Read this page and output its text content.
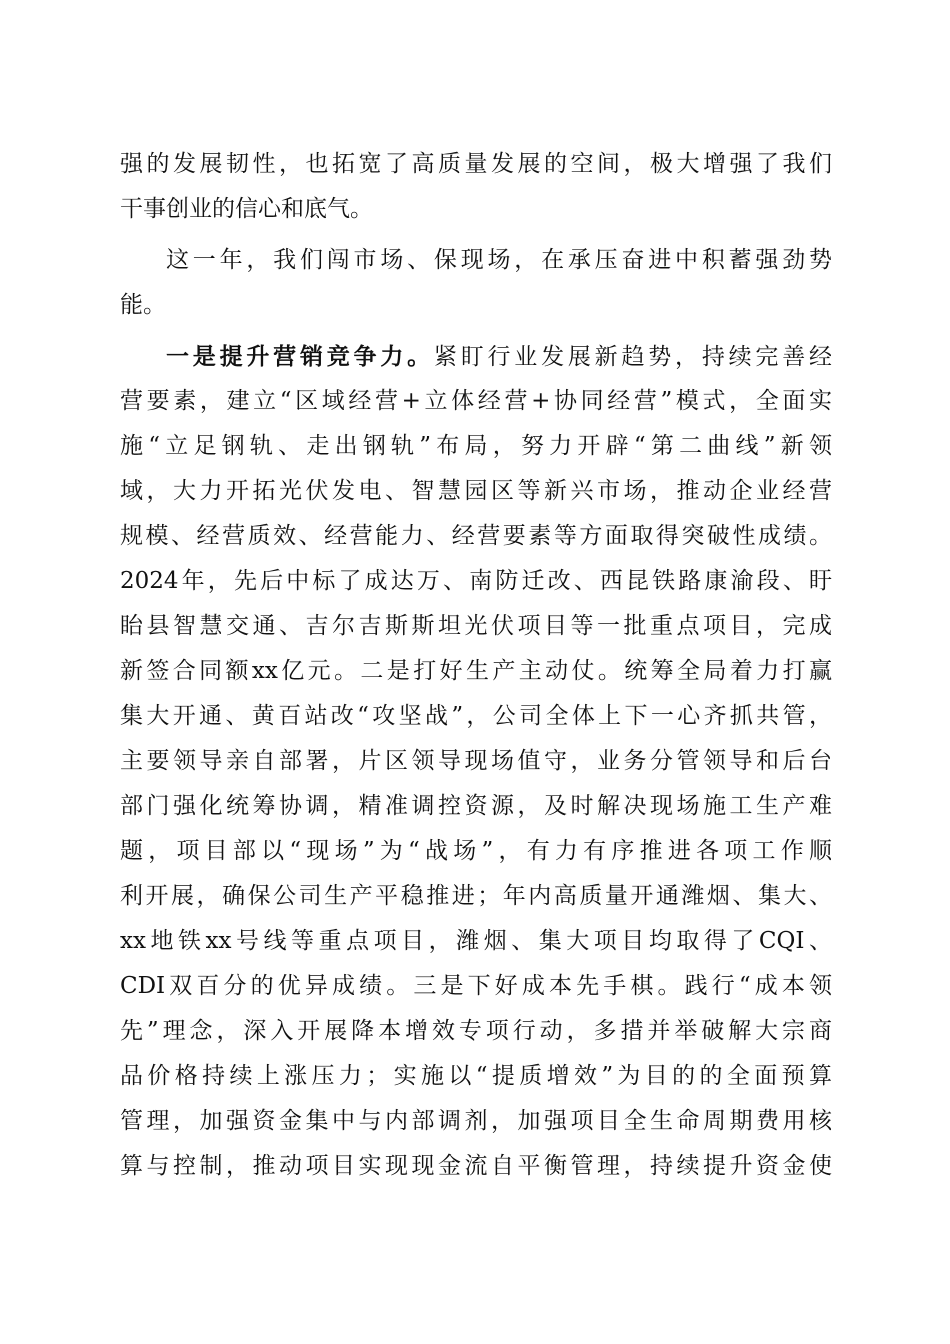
强的发展韧性，也拓宽了高质量发展的空间，极大增强了我们
干事创业的信心和底气。
这一年，我们闯市场、保现场，在承压奋进中积蓄强劲势
能。
一是提升营销竞争力。紧盯行业发展新趋势，持续完善经
营要素，建立“区域经营+立体经营+协同经营”模式，全面实
施“立足钢轨、走出钢轨”布局，努力开辟“第二曲线”新领
域，大力开拓光伏发电、智慧园区等新兴市场，推动企业经营
规模、经营质效、经营能力、经营要素等方面取得突破性成绩。
2024年，先后中标了成达万、南防迁改、西昆铁路康渝段、盱
眙县智慧交通、吉尔吉斯斯坦光伏项目等一批重点项目，完成
新签合同额xx亿元。二是打好生产主动仗。统筹全局着力打赢
集大开通、黄百站改“攻坚战”，公司全体上下一心齐抓共管，
主要领导亲自部署，片区领导现场值守，业务分管领导和后台
部门强化统筹协调，精准调控资源，及时解决现场施工生产难
题，项目部以“现场”为“战场”，有力有序推进各项工作顺
利开展，确保公司生产平稳推进；年内高质量开通潍烟、集大、
xx地铁xx号线等重点项目，潍烟、集大项目均取得了CQI、
CDI双百分的优异成绩。三是下好成本先手棋。践行“成本领
先”理念，深入开展降本增效专项行动，多措并举破解大宗商
品价格持续上涨压力；实施以“提质增效”为目的的全面预算
管理，加强资金集中与内部调剂，加强项目全生命周期费用核
算与控制，推动项目实现现金流自平衡管理，持续提升资金使
